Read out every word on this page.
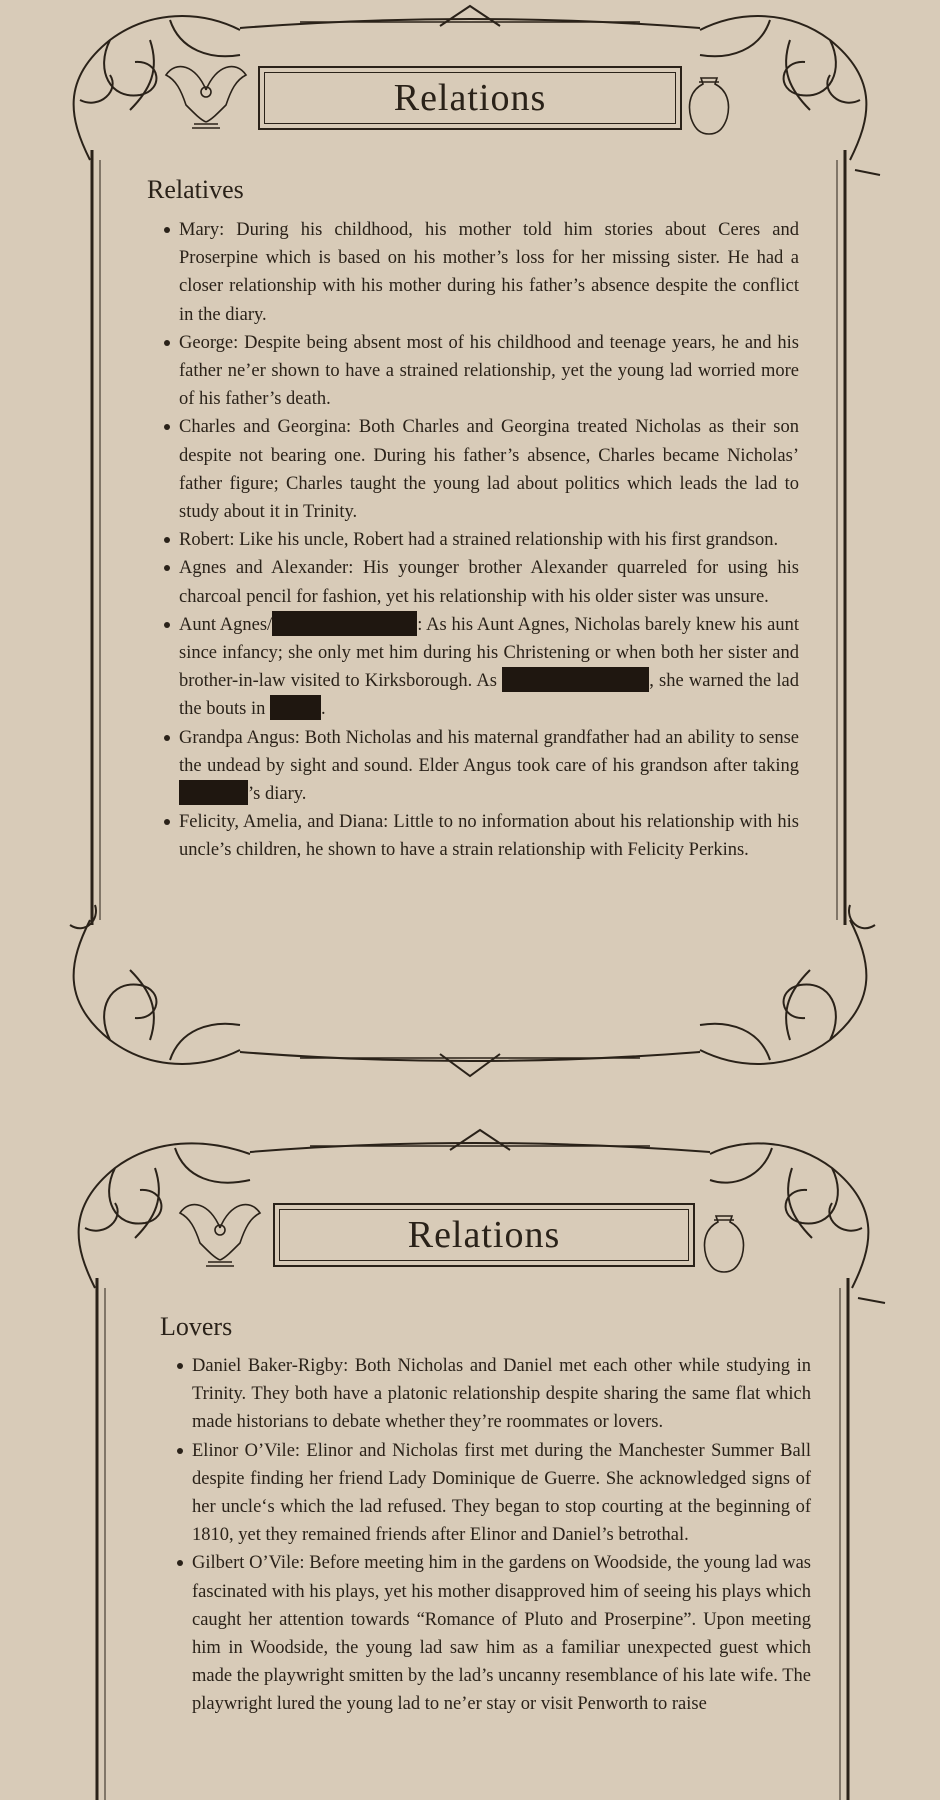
Relations
Relatives
Mary: During his childhood, his mother told him stories about Ceres and Proserpine which is based on his mother’s loss for her missing sister. He had a closer relationship with his mother during his father’s absence despite the conflict in the diary.
George: Despite being absent most of his childhood and teenage years, he and his father ne’er shown to have a strained relationship, yet the young lad worried more of his father’s death.
Charles and Georgina: Both Charles and Georgina treated Nicholas as their son despite not bearing one. During his father’s absence, Charles became Nicholas’ father figure; Charles taught the young lad about politics which leads the lad to study about it in Trinity.
Robert: Like his uncle, Robert had a strained relationship with his first grandson.
Agnes and Alexander: His younger brother Alexander quarreled for using his charcoal pencil for fashion, yet his relationship with his older sister was unsure.
Aunt Agnes/	: As his Aunt Agnes, Nicholas barely knew his aunt since infancy; she only met him during his Christening or when both her sister and brother-in-law visited to Kirksborough. As	, she warned the lad the bouts in	.
Grandpa Angus: Both Nicholas and his maternal grandfather had an ability to sense the undead by sight and sound. Elder Angus took care of his grandson after taking ’s diary.
Felicity, Amelia, and Diana: Little to no information about his relationship with his uncle’s children, he shown to have a strain relationship with Felicity Perkins.
Relations
Lovers
Daniel Baker-Rigby: Both Nicholas and Daniel met each other while studying in Trinity. They both have a platonic relationship despite sharing the same flat which made historians to debate whether they’re roommates or lovers.
Elinor O’Vile: Elinor and Nicholas first met during the Manchester Summer Ball despite finding her friend Lady Dominique de Guerre. She acknowledged signs of her uncle‘s which the lad refused. They began to stop courting at the beginning of 1810, yet they remained friends after Elinor and Daniel’s betrothal.
Gilbert O’Vile: Before meeting him in the gardens on Woodside, the young lad was fascinated with his plays, yet his mother disapproved him of seeing his plays which caught her attention towards “Romance of Pluto and Proserpine”. Upon meeting him in Woodside, the young lad saw him as a familiar unexpected guest which made the playwright smitten by the lad’s uncanny resemblance of his late wife. The playwright lured the young lad to ne’er stay or visit Penworth to raise
